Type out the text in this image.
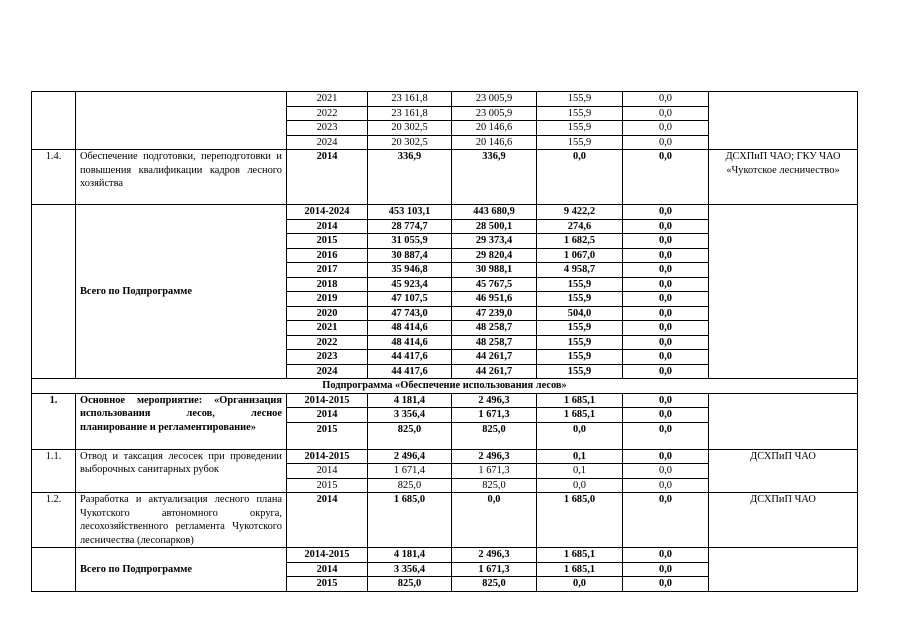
		2021	23 161,8	23 005,9	155,9	0,0	
		2022	23 161,8	23 005,9	155,9	0,0	
		2023	20 302,5	20 146,6	155,9	0,0	
		2024	20 302,5	20 146,6	155,9	0,0	
1.4.	Обеспечение подготовки, переподготовки и повышения квалификации кадров лесного хозяйства	2014	336,9	336,9	0,0	0,0	ДСХПиП ЧАО; ГКУ ЧАО «Чукотское лесничество»
	Всего по Подпрограмме	2014-2024	453 103,1	443 680,9	9 422,2	0,0	
		2014	28 774,7	28 500,1	274,6	0,0	
		2015	31 055,9	29 373,4	1 682,5	0,0	
		2016	30 887,4	29 820,4	1 067,0	0,0	
		2017	35 946,8	30 988,1	4 958,7	0,0	
		2018	45 923,4	45 767,5	155,9	0,0	
		2019	47 107,5	46 951,6	155,9	0,0	
		2020	47 743,0	47 239,0	504,0	0,0	
		2021	48 414,6	48 258,7	155,9	0,0	
		2022	48 414,6	48 258,7	155,9	0,0	
		2023	44 417,6	44 261,7	155,9	0,0	
		2024	44 417,6	44 261,7	155,9	0,0	
Подпрограмма «Обеспечение использования лесов»							
1.	Основное мероприятие: «Организация использования лесов, лесное планирование и регламентирование»	2014-2015	4 181,4	2 496,3	1 685,1	0,0	
		2014	3 356,4	1 671,3	1 685,1	0,0	
		2015	825,0	825,0	0,0	0,0	
1.1.	Отвод и таксация лесосек при проведении выборочных санитарных рубок	2014-2015	2 496,4	2 496,3	0,1	0,0	ДСХПиП ЧАО
		2014	1 671,4	1 671,3	0,1	0,0	
		2015	825,0	825,0	0,0	0,0	
1.2.	Разработка и актуализация лесного плана Чукотского автономного округа, лесохозяйственного регламента Чукотского лесничества (лесопарков)	2014	1 685,0	0,0	1 685,0	0,0	ДСХПиП ЧАО
	Всего по Подпрограмме	2014-2015	4 181,4	2 496,3	1 685,1	0,0	
		2014	3 356,4	1 671,3	1 685,1	0,0	
		2015	825,0	825,0	0,0	0,0	
